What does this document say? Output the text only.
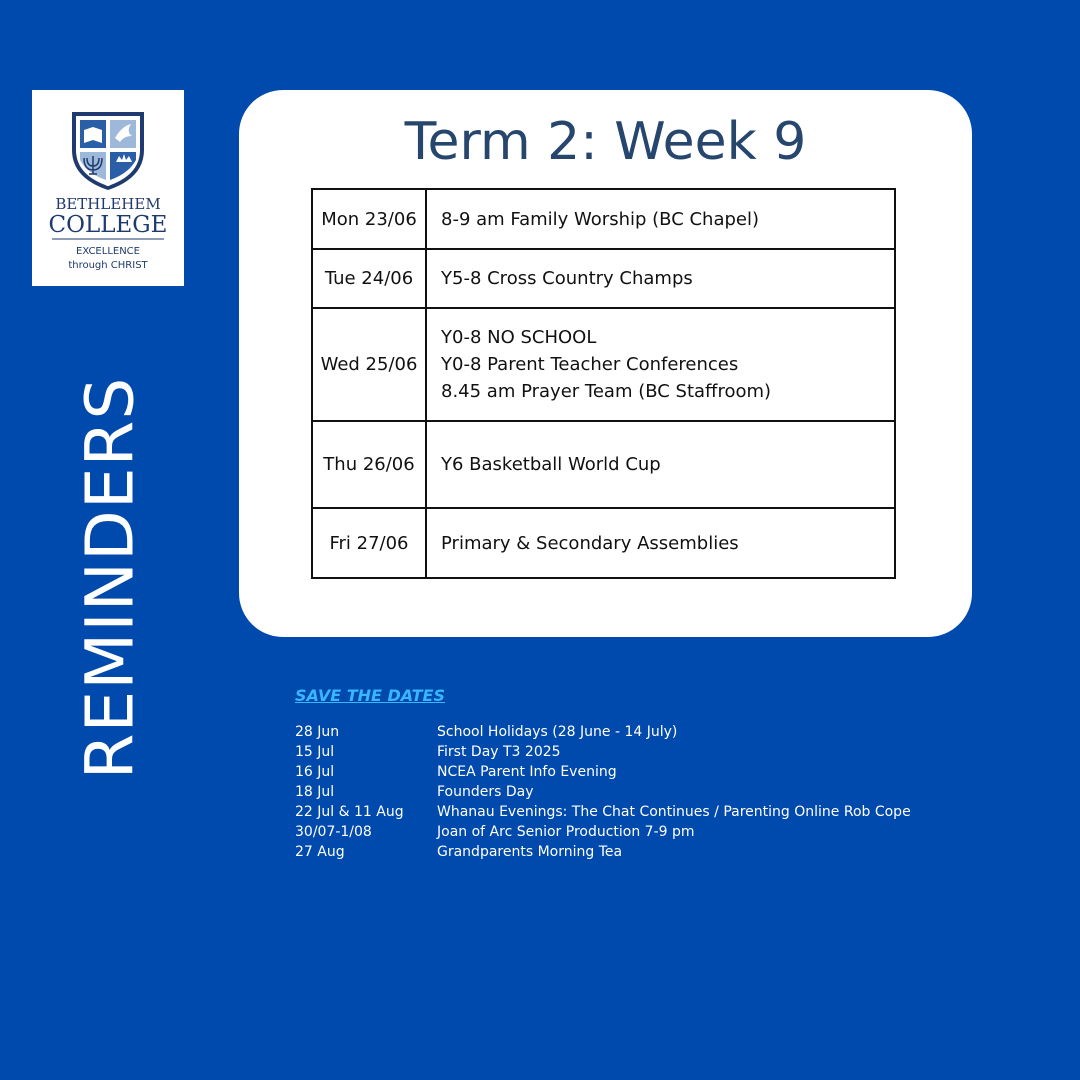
BETHLEHEM
COLLEGE
EXCELLENCE
through CHRIST
REMINDERS
Term 2: Week 9
Mon 23/06	8-9 am Family Worship (BC Chapel)

Tue 24/06	Y5-8 Cross Country Champs

Wed 25/06	Y0-8 NO SCHOOL
Y0-8 Parent Teacher Conferences
8.45 am Prayer Team (BC Staffroom)

Thu 26/06	Y6 Basketball World Cup

Fri 27/06	Primary & Secondary Assemblies
SAVE THE DATES
28 Jun	School Holidays (28 June - 14 July)
15 Jul	First Day T3 2025
16 Jul	NCEA Parent Info Evening
18 Jul	Founders Day
22 Jul & 11 Aug	Whanau Evenings: The Chat Continues / Parenting Online Rob Cope
30/07-1/08	Joan of Arc Senior Production 7-9 pm
27 Aug	Grandparents Morning Tea
